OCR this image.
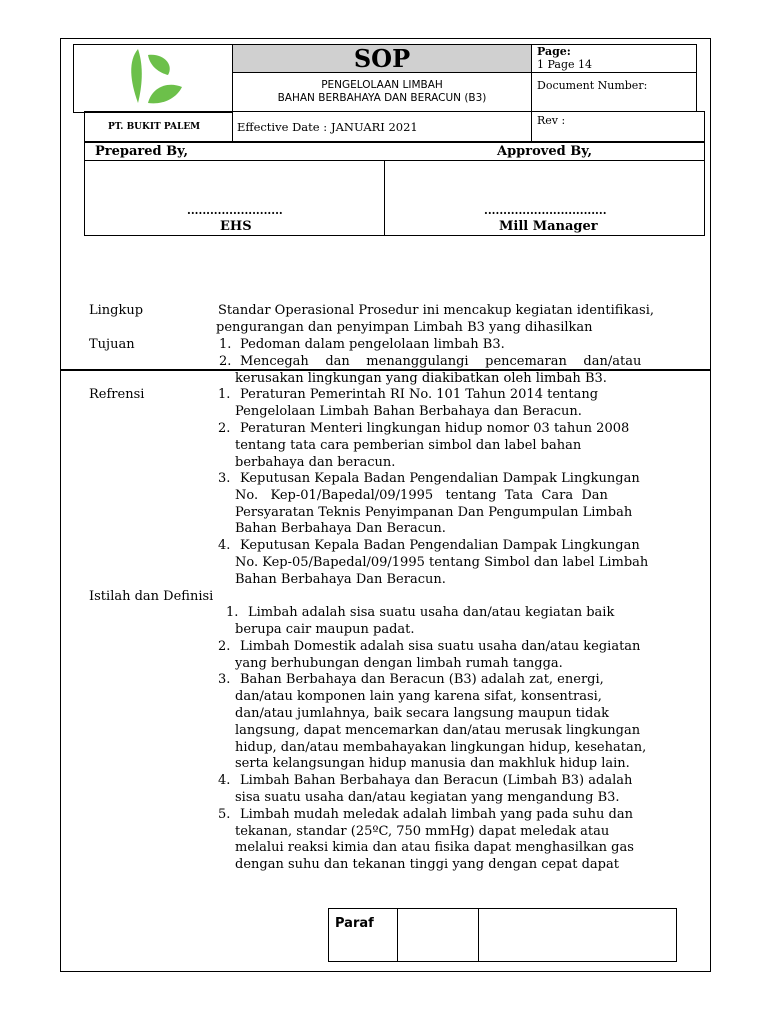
SOP
PENGELOLAAN LIMBAH
BAHAN BERBAHAYA DAN BERACUN (B3)
Page:
1 Page 14
Document Number:
PT. BUKIT PALEM	Effective Date : JANUARI 2021	Rev :
Prepared By,	Approved By,
.........................	................................
EHS	Mill Manager
Lingkup	Standar Operasional Prosedur ini mencakup kegiatan identifikasi,
pengurangan dan penyimpan Limbah B3 yang dihasilkan
Tujuan	1. Pedoman dalam pengelolaan limbah B3.
2. Mencegah    dan    menanggulangi    pencemaran    dan/atau
kerusakan lingkungan yang diakibatkan oleh limbah B3.
Refrensi	1. Peraturan Pemerintah RI No. 101 Tahun 2014 tentang
Pengelolaan Limbah Bahan Berbahaya dan Beracun.
2. Peraturan Menteri lingkungan hidup nomor 03 tahun 2008
tentang tata cara pemberian simbol dan label bahan
berbahaya dan beracun.
3. Keputusan Kepala Badan Pengendalian Dampak Lingkungan
No.   Kep-01/Bapedal/09/1995   tentang  Tata  Cara  Dan
Persyaratan Teknis Penyimpanan Dan Pengumpulan Limbah
Bahan Berbahaya Dan Beracun.
4. Keputusan Kepala Badan Pengendalian Dampak Lingkungan
No. Kep-05/Bapedal/09/1995 tentang Simbol dan label Limbah
Bahan Berbahaya Dan Beracun.
Istilah dan Definisi
1. Limbah adalah sisa suatu usaha dan/atau kegiatan baik
berupa cair maupun padat.
2. Limbah Domestik adalah sisa suatu usaha dan/atau kegiatan
yang berhubungan dengan limbah rumah tangga.
3. Bahan Berbahaya dan Beracun (B3) adalah zat, energi,
dan/atau komponen lain yang karena sifat, konsentrasi,
dan/atau jumlahnya, baik secara langsung maupun tidak
langsung, dapat mencemarkan dan/atau merusak lingkungan
hidup, dan/atau membahayakan lingkungan hidup, kesehatan,
serta kelangsungan hidup manusia dan makhluk hidup lain.
4. Limbah Bahan Berbahaya dan Beracun (Limbah B3) adalah
sisa suatu usaha dan/atau kegiatan yang mengandung B3.
5. Limbah mudah meledak adalah limbah yang pada suhu dan
tekanan, standar (25ºC, 750 mmHg) dapat meledak atau
melalui reaksi kimia dan atau fisika dapat menghasilkan gas
dengan suhu dan tekanan tinggi yang dengan cepat dapat
Paraf
